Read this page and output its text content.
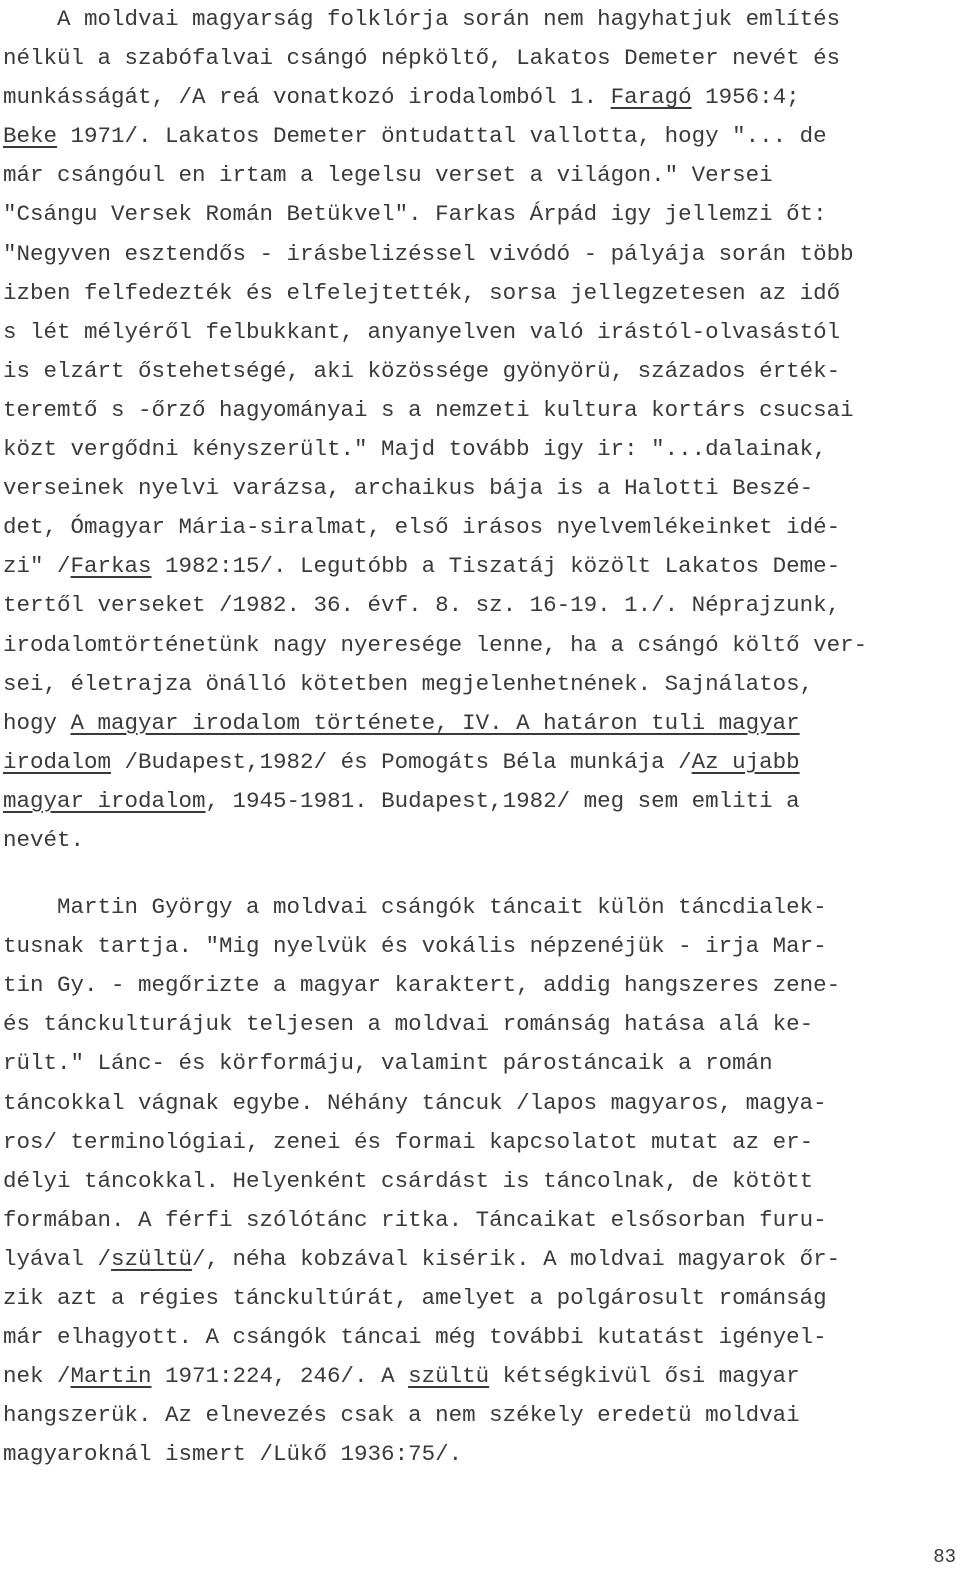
A moldvai magyarság folklórja során nem hagyhatjuk említés
nélkül a szabófalvai csángó népköltő, Lakatos Demeter nevét és
munkásságát, /A reá vonatkozó irodalomból 1. Faragó 1956:4;
Beke 1971/. Lakatos Demeter öntudattal vallotta, hogy "... de
már csángóul en irtam a legelsu verset a világon." Versei
"Csángu Versek Román Betükvel". Farkas Árpád igy jellemzi őt:
"Negyven esztendős - irásbelizéssel vivódó - pályája során több
izben felfedezték és elfelejtették, sorsa jellegzetesen az idő
s lét mélyéről felbukkant, anyanyelven való irástól-olvasástól
is elzárt őstehetségé, aki közössége gyönyörü, százados érték-
teremtő s -őrző hagyományai s a nemzeti kultura kortárs csucsai
közt vergődni kényszerült." Majd tovább igy ir: "...dalainak,
verseinek nyelvi varázsa, archaikus bája is a Halotti Beszé-
det, Ómagyar Mária-siralmat, első irásos nyelvemlékeinket idé-
zi" /Farkas 1982:15/. Legutóbb a Tiszatáj közölt Lakatos Deme-
tertől verseket /1982. 36. évf. 8. sz. 16-19. 1./. Néprajzunk,
irodalomtörténetünk nagy nyeresége lenne, ha a csángó költő ver-
sei, életrajza önálló kötetben megjelenhetnének. Sajnálatos,
hogy A magyar irodalom története, IV. A határon tuli magyar
irodalom /Budapest,1982/ és Pomogáts Béla munkája /Az ujabb
magyar irodalom, 1945-1981. Budapest,1982/ meg sem emliti a
nevét.
Martin György a moldvai csángók táncait külön táncdialek-
tusnak tartja. "Mig nyelvük és vokális népzenéjük - irja Mar-
tin Gy. - megőrizte a magyar karaktert, addig hangszeres zene-
és tánckulturájuk teljesen a moldvai románság hatása alá ke-
rült." Lánc- és körformáju, valamint párostáncaik a román
táncokkal vágnak egybe. Néhány táncuk /lapos magyaros, magya-
ros/ terminológiai, zenei és formai kapcsolatot mutat az er-
délyi táncokkal. Helyenként csárdást is táncolnak, de kötött
formában. A férfi szólótánc ritka. Táncaikat elsősorban furu-
lyával /szültü/, néha kobzával kisérik. A moldvai magyarok őr-
zik azt a régies tánckultúrát, amelyet a polgárosult románság
már elhagyott. A csángók táncai még további kutatást igényel-
nek /Martin 1971:224, 246/. A szültü kétségkivül ősi magyar
hangszerük. Az elnevezés csak a nem székely eredetü moldvai
magyaroknál ismert /Lükő 1936:75/.
83
